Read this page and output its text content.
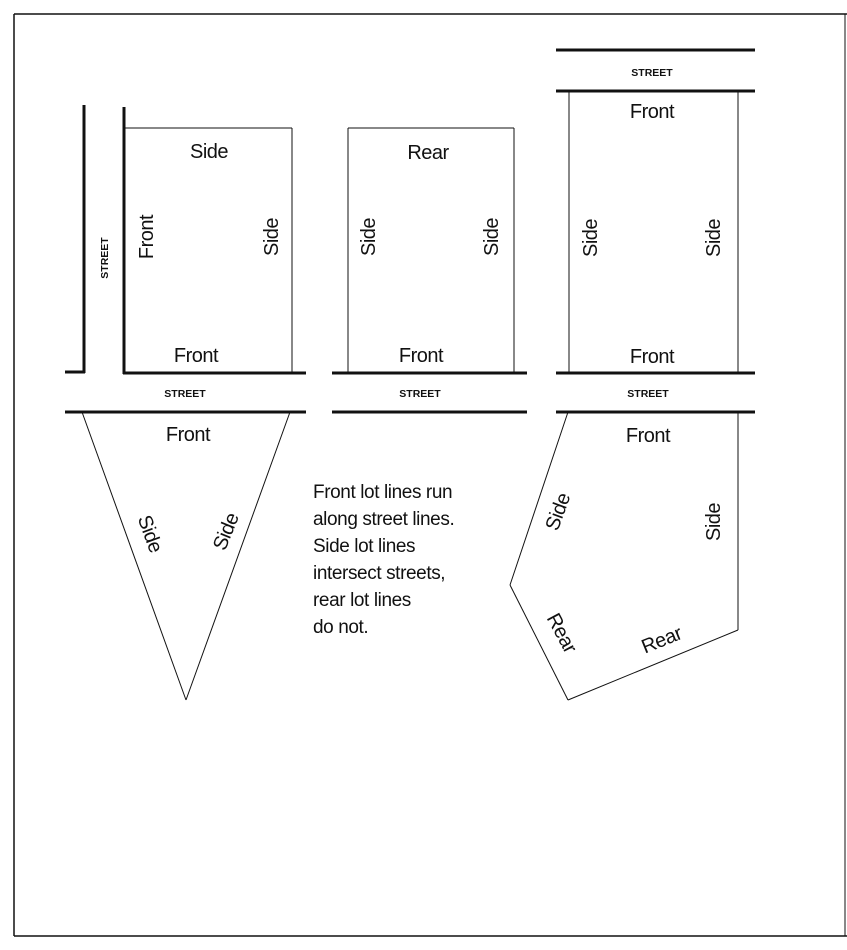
STREET
Side
Front	Side
Front
Rear
Side	Side
Front
STREET
Front
Side	Side
Front
STREET	STREET	STREET
Front
Side Side
Front
Side	Side
Rear	Rear
Front lot lines run
along street lines.
Side lot lines
intersect streets,
rear lot lines
do not.
